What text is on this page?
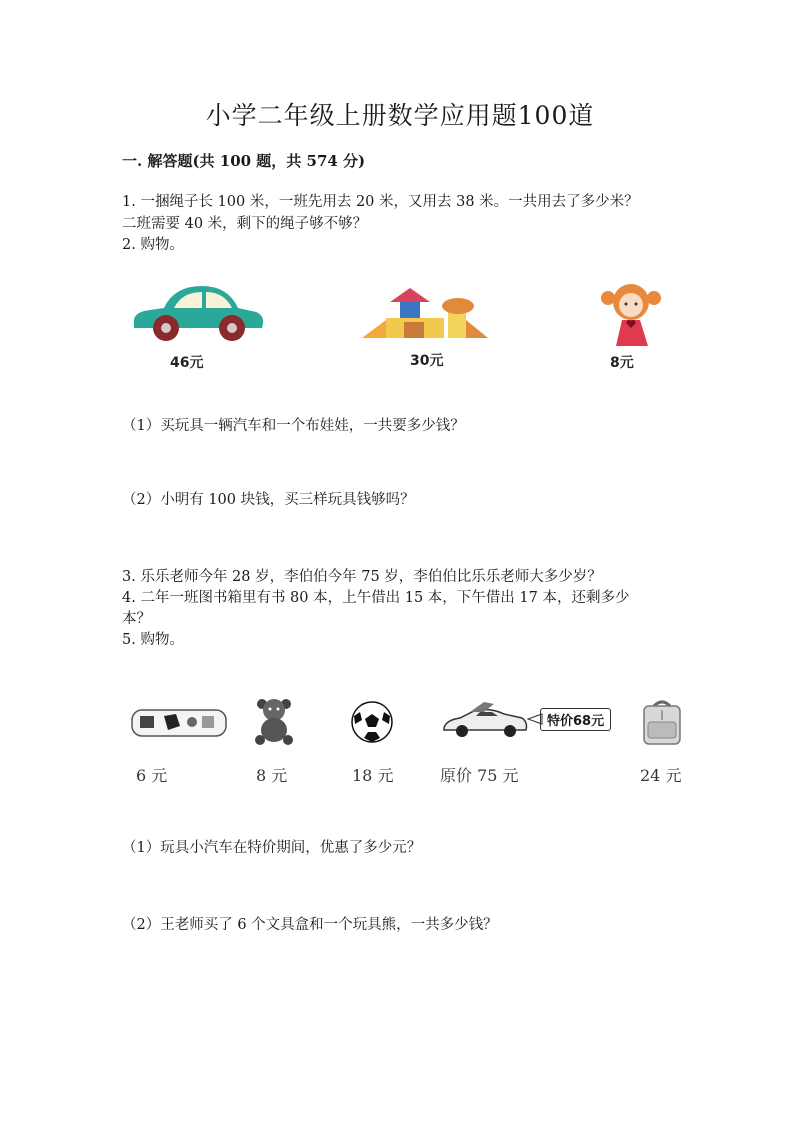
小学二年级上册数学应用题100道
一. 解答题(共 100 题，共 574 分)
1. 一捆绳子长 100 米，一班先用去 20 米，又用去 38 米。一共用去了多少米？
二班需要 40 米，剩下的绳子够不够？
2. 购物。
46元	30元	8元
（1）买玩具一辆汽车和一个布娃娃，一共要多少钱？
（2）小明有 100 块钱，买三样玩具钱够吗？
3. 乐乐老师今年 28 岁，李伯伯今年 75 岁，李伯伯比乐乐老师大多少岁？
4. 二年一班图书箱里有书 80 本，上午借出 15 本，下午借出 17 本，还剩多少
本？
5. 购物。
6 元	8 元	18 元
特价68元
原价 75 元	24 元
（1）玩具小汽车在特价期间，优惠了多少元？
（2）王老师买了 6 个文具盒和一个玩具熊，一共多少钱？
